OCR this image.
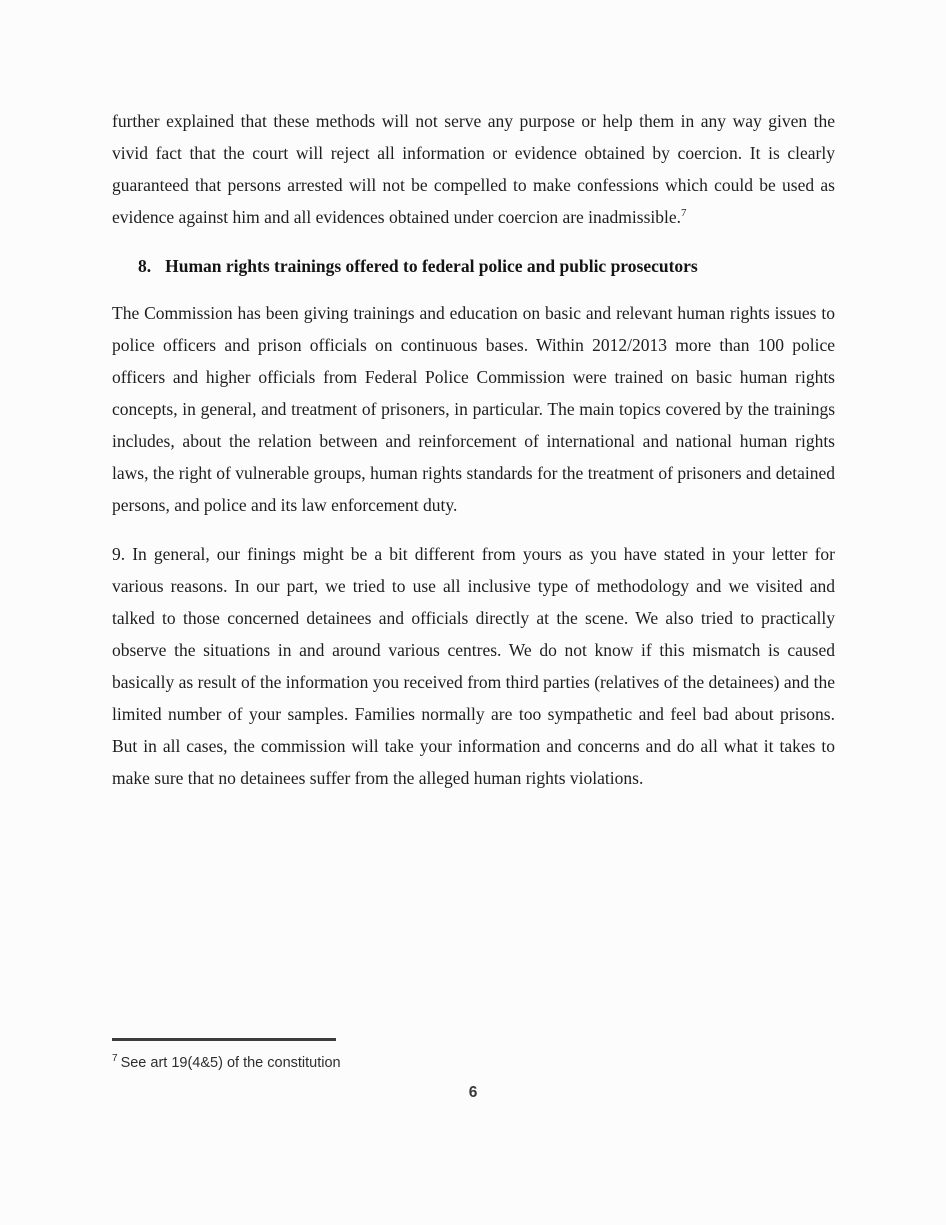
further explained that these methods will not serve any purpose or help them in any way given the vivid fact that the court will reject all information or evidence obtained by coercion. It is clearly guaranteed that persons arrested will not be compelled to make confessions which could be used as evidence against him and all evidences obtained under coercion are inadmissible.$^7$

8. Human rights trainings offered to federal police and public prosecutors

The Commission has been giving trainings and education on basic and relevant human rights issues to police officers and prison officials on continuous bases. Within 2012/2013 more than 100 police officers and higher officials from Federal Police Commission were trained on basic human rights concepts, in general, and treatment of prisoners, in particular. The main topics covered by the trainings includes, about the relation between and reinforcement of international and national human rights laws, the right of vulnerable groups, human rights standards for the treatment of prisoners and detained persons, and police and its law enforcement duty.

9. In general, our finings might be a bit different from yours as you have stated in your letter for various reasons. In our part, we tried to use all inclusive type of methodology and we visited and talked to those concerned detainees and officials directly at the scene. We also tried to practically observe the situations in and around various centres. We do not know if this mismatch is caused basically as result of the information you received from third parties (relatives of the detainees) and the limited number of your samples. Families normally are too sympathetic and feel bad about prisons. But in all cases, the commission will take your information and concerns and do all what it takes to make sure that no detainees suffer from the alleged human rights violations.

$^7$ See art 19(4&5) of the constitution
6
